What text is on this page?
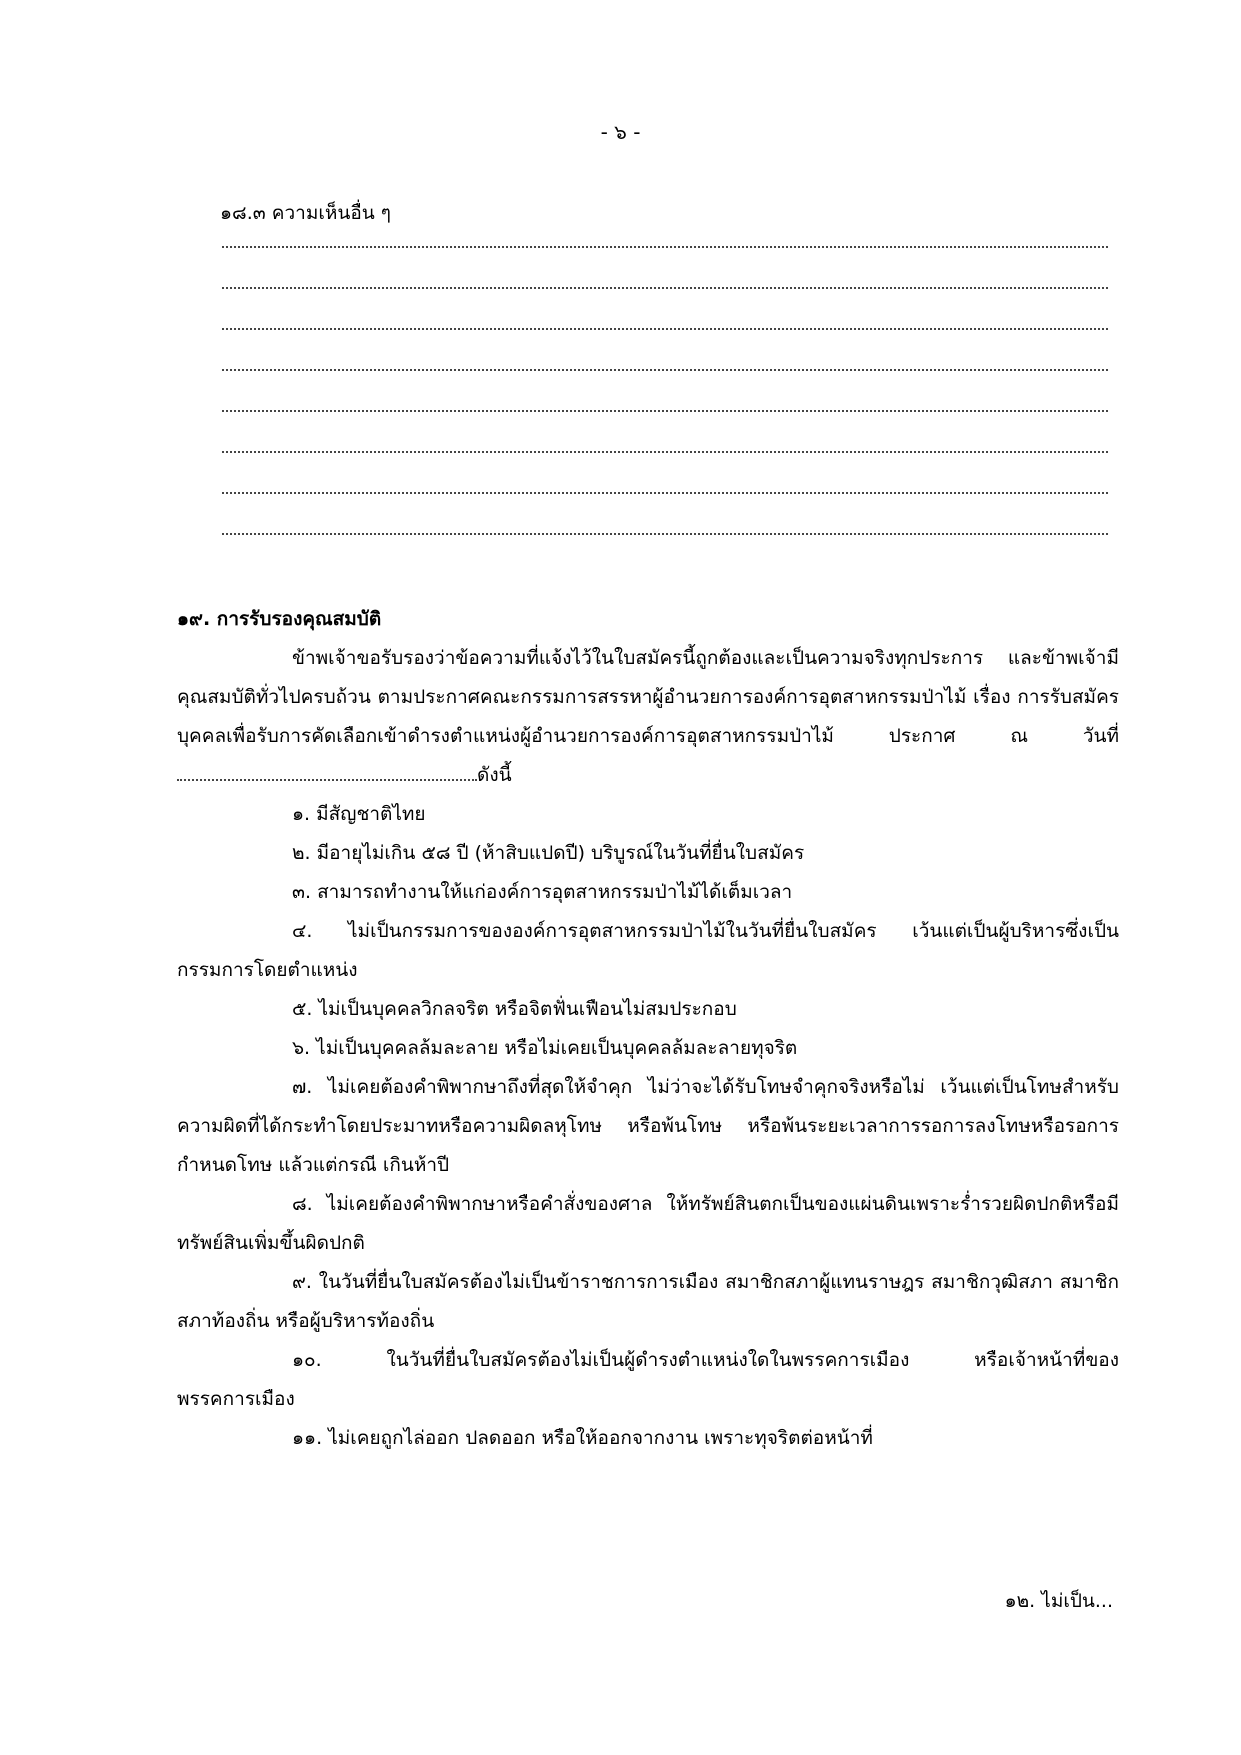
- ๖ -
๑๘.๓ ความเห็นอื่น ๆ
๑๙. การรับรองคุณสมบัติ

ข้าพเจ้าขอรับรองว่าข้อความที่แจ้งไว้ในใบสมัครนี้ถูกต้องและเป็นความจริงทุกประการ และข้าพเจ้ามีคุณสมบัติทั่วไปครบถ้วน ตามประกาศคณะกรรมการสรรหาผู้อำนวยการองค์การอุตสาหกรรมป่าไม้ เรื่อง การรับสมัครบุคคลเพื่อรับการคัดเลือกเข้าดำรงตำแหน่งผู้อำนวยการองค์การอุตสาหกรรมป่าไม้ ประกาศ ณ วันที่ดังนี้

๑. มีสัญชาติไทย

๒. มีอายุไม่เกิน ๕๘ ปี (ห้าสิบแปดปี) บริบูรณ์ในวันที่ยื่นใบสมัคร

๓. สามารถทำงานให้แก่องค์การอุตสาหกรรมป่าไม้ได้เต็มเวลา

๔. ไม่เป็นกรรมการขององค์การอุตสาหกรรมป่าไม้ในวันที่ยื่นใบสมัคร เว้นแต่เป็นผู้บริหารซึ่งเป็นกรรมการโดยตำแหน่ง

๕. ไม่เป็นบุคคลวิกลจริต หรือจิตฟั่นเฟือนไม่สมประกอบ

๖. ไม่เป็นบุคคลล้มละลาย หรือไม่เคยเป็นบุคคลล้มละลายทุจริต

๗. ไม่เคยต้องคำพิพากษาถึงที่สุดให้จำคุก ไม่ว่าจะได้รับโทษจำคุกจริงหรือไม่ เว้นแต่เป็นโทษสำหรับความผิดที่ได้กระทำโดยประมาทหรือความผิดลหุโทษ หรือพ้นโทษ หรือพ้นระยะเวลาการรอการลงโทษหรือรอการกำหนดโทษ แล้วแต่กรณี เกินห้าปี

๘. ไม่เคยต้องคำพิพากษาหรือคำสั่งของศาล ให้ทรัพย์สินตกเป็นของแผ่นดินเพราะร่ำรวยผิดปกติหรือมีทรัพย์สินเพิ่มขึ้นผิดปกติ

๙. ในวันที่ยื่นใบสมัครต้องไม่เป็นข้าราชการการเมือง สมาชิกสภาผู้แทนราษฎร สมาชิกวุฒิสภา สมาชิกสภาท้องถิ่น หรือผู้บริหารท้องถิ่น

๑๐. ในวันที่ยื่นใบสมัครต้องไม่เป็นผู้ดำรงตำแหน่งใดในพรรคการเมือง หรือเจ้าหน้าที่ของพรรคการเมือง

๑๑. ไม่เคยถูกไล่ออก ปลดออก หรือให้ออกจากงาน เพราะทุจริตต่อหน้าที่

๑๒. ไม่เป็น...
